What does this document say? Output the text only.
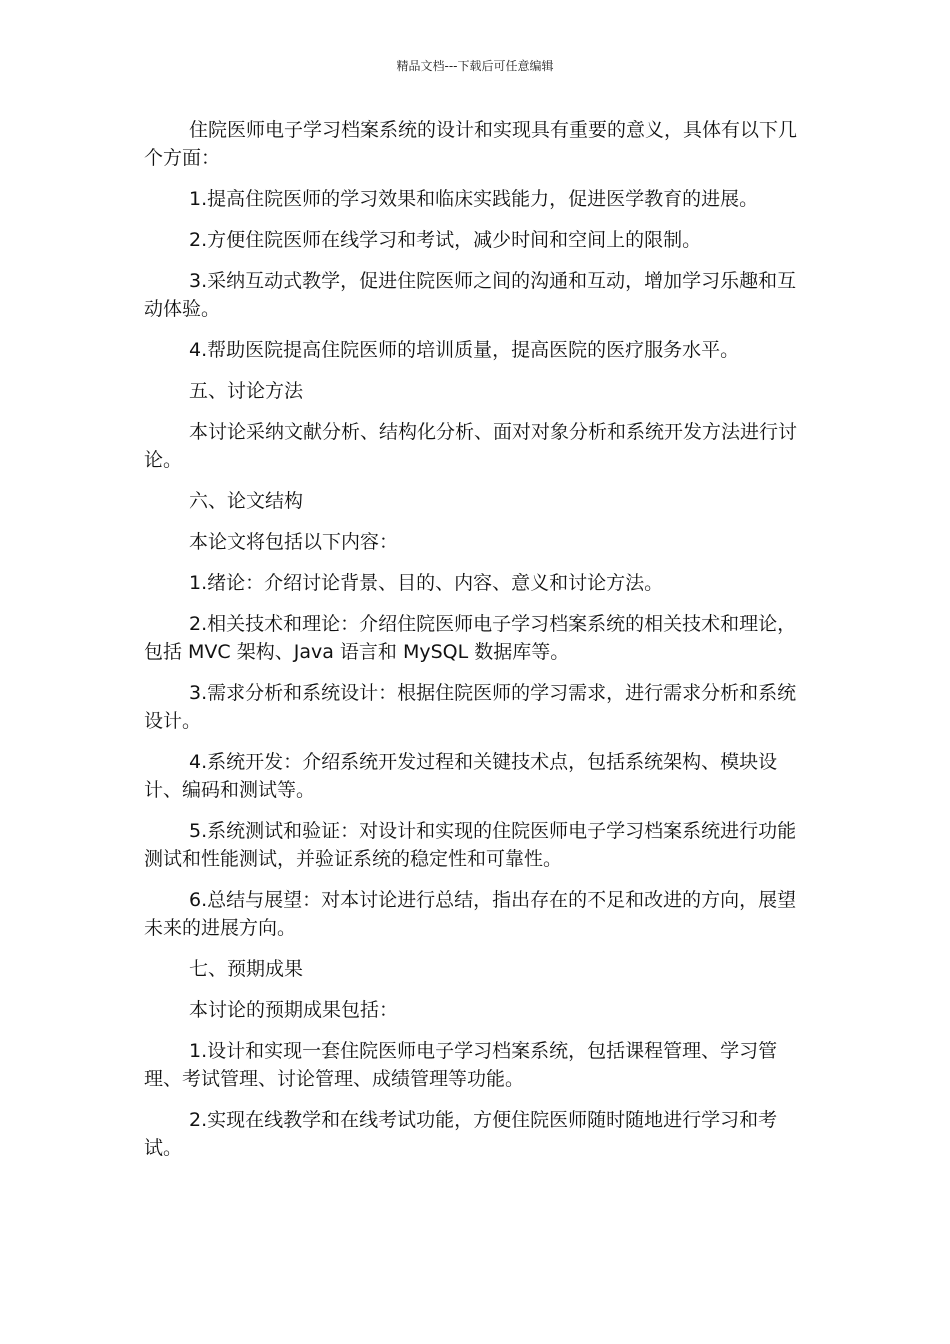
精品文档---下载后可任意编辑

住院医师电子学习档案系统的设计和实现具有重要的意义，具体有以下几个方面：

1.提高住院医师的学习效果和临床实践能力，促进医学教育的进展。

2.方便住院医师在线学习和考试，减少时间和空间上的限制。

3.采纳互动式教学，促进住院医师之间的沟通和互动，增加学习乐趣和互动体验。

4.帮助医院提高住院医师的培训质量，提高医院的医疗服务水平。

五、讨论方法

本讨论采纳文献分析、结构化分析、面对对象分析和系统开发方法进行讨论。

六、论文结构

本论文将包括以下内容：

1.绪论：介绍讨论背景、目的、内容、意义和讨论方法。

2.相关技术和理论：介绍住院医师电子学习档案系统的相关技术和理论，包括 MVC 架构、Java 语言和 MySQL 数据库等。

3.需求分析和系统设计：根据住院医师的学习需求，进行需求分析和系统设计。

4.系统开发：介绍系统开发过程和关键技术点，包括系统架构、模块设计、编码和测试等。

5.系统测试和验证：对设计和实现的住院医师电子学习档案系统进行功能测试和性能测试，并验证系统的稳定性和可靠性。

6.总结与展望：对本讨论进行总结，指出存在的不足和改进的方向，展望未来的进展方向。

七、预期成果

本讨论的预期成果包括：

1.设计和实现一套住院医师电子学习档案系统，包括课程管理、学习管理、考试管理、讨论管理、成绩管理等功能。

2.实现在线教学和在线考试功能，方便住院医师随时随地进行学习和考试。
